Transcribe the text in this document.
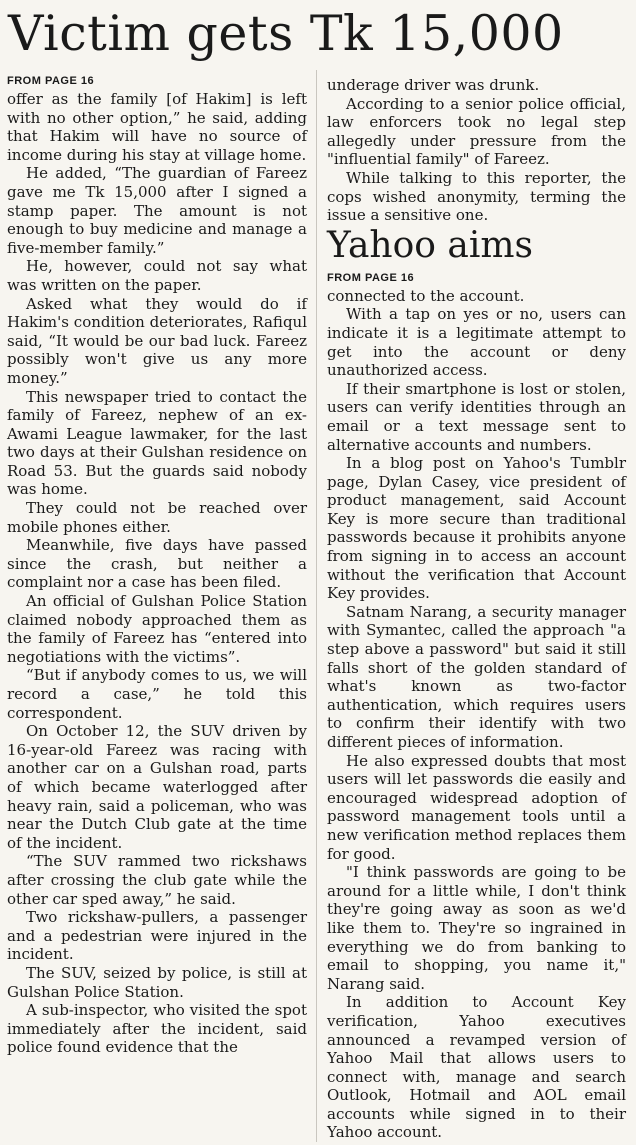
Victim gets Tk 15,000
FROM PAGE 16

offer as the family [of Hakim] is left with no other option,” he said, adding that Hakim will have no source of income during his stay at village home.

He added, “The guardian of Fareez gave me Tk 15,000 after I signed a stamp paper. The amount is not enough to buy medicine and manage a five-member family.”

He, however, could not say what was written on the paper.

Asked what they would do if Hakim's condition deteriorates, Rafiqul said, “It would be our bad luck. Fareez possibly won't give us any more money.”

This newspaper tried to contact the family of Fareez, nephew of an ex-Awami League lawmaker, for the last two days at their Gulshan residence on Road 53. But the guards said nobody was home.

They could not be reached over mobile phones either.

Meanwhile, five days have passed since the crash, but neither a complaint nor a case has been filed.

An official of Gulshan Police Station claimed nobody approached them as the family of Fareez has “entered into negotiations with the victims”.

“But if anybody comes to us, we will record a case,” he told this correspondent.

On October 12, the SUV driven by 16-year-old Fareez was racing with another car on a Gulshan road, parts of which became waterlogged after heavy rain, said a policeman, who was near the Dutch Club gate at the time of the incident.

“The SUV rammed two rickshaws after crossing the club gate while the other car sped away,” he said.

Two rickshaw-pullers, a passenger and a pedestrian were injured in the incident.

The SUV, seized by police, is still at Gulshan Police Station.

A sub-inspector, who visited the spot immediately after the incident, said police found evidence that the

underage driver was drunk.

According to a senior police official, law enforcers took no legal step allegedly under pressure from the "influential family" of Fareez.

While talking to this reporter, the cops wished anonymity, terming the issue a sensitive one.

Yahoo aims
FROM PAGE 16

connected to the account.

With a tap on yes or no, users can indicate it is a legitimate attempt to get into the account or deny unauthorized access.

If their smartphone is lost or stolen, users can verify identities through an email or a text message sent to alternative accounts and numbers.

In a blog post on Yahoo's Tumblr page, Dylan Casey, vice president of product management, said Account Key is more secure than traditional passwords because it prohibits anyone from signing in to access an account without the verification that Account Key provides.

Satnam Narang, a security manager with Symantec, called the approach "a step above a password" but said it still falls short of the golden standard of what's known as two-factor authentication, which requires users to confirm their identify with two different pieces of information.

He also expressed doubts that most users will let passwords die easily and encouraged widespread adoption of password management tools until a new verification method replaces them for good.

"I think passwords are going to be around for a little while, I don't think they're going away as soon as we'd like them to. They're so ingrained in everything we do from banking to email to shopping, you name it," Narang said.

In addition to Account Key verification, Yahoo executives announced a revamped version of Yahoo Mail that allows users to connect with, manage and search Outlook, Hotmail and AOL email accounts while signed in to their Yahoo account.
